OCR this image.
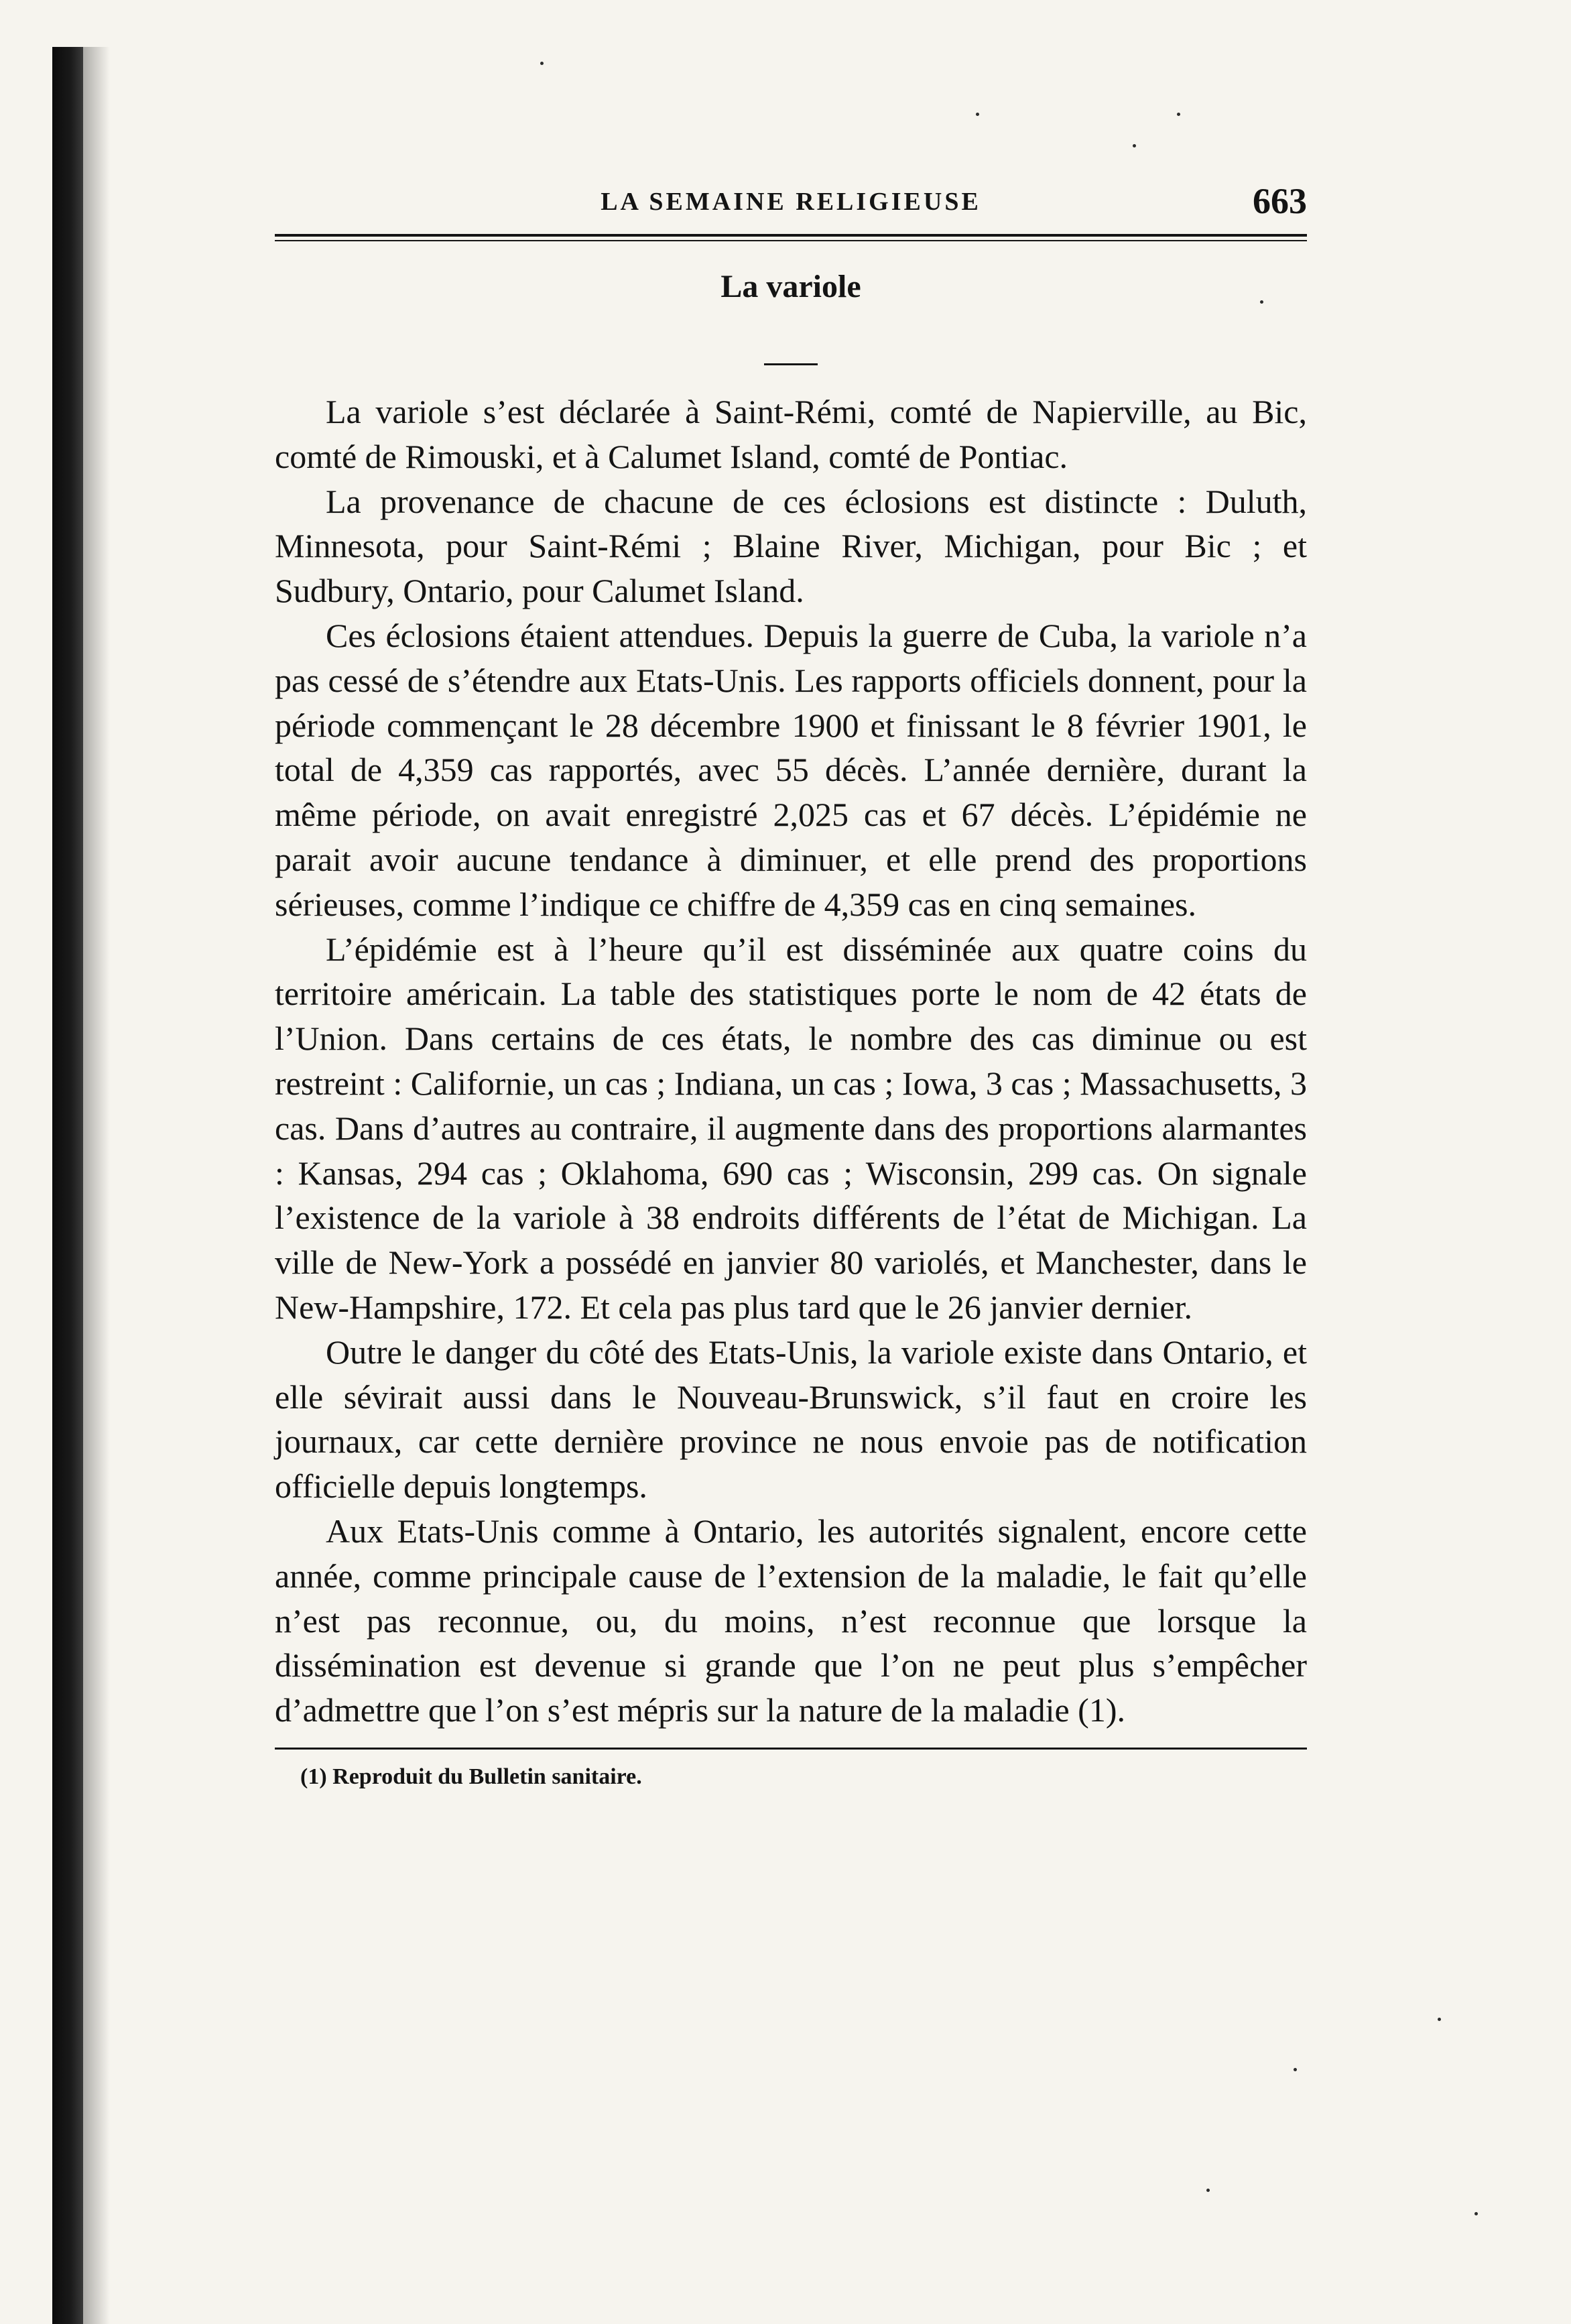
LA SEMAINE RELIGIEUSE	663
La variole

La variole s’est déclarée à Saint-Rémi, comté de Napierville, au Bic, comté de Rimouski, et à Calumet Island, comté de Pontiac.

La provenance de chacune de ces éclosions est distincte : Duluth, Minnesota, pour Saint-Rémi ; Blaine River, Michigan, pour Bic ; et Sudbury, Ontario, pour Calumet Island.

Ces éclosions étaient attendues. Depuis la guerre de Cuba, la variole n’a pas cessé de s’étendre aux Etats-Unis. Les rapports officiels donnent, pour la période commençant le 28 décembre 1900 et finissant le 8 février 1901, le total de 4,359 cas rapportés, avec 55 décès. L’année dernière, durant la même période, on avait enregistré 2,025 cas et 67 décès. L’épidémie ne parait avoir aucune tendance à diminuer, et elle prend des proportions sérieuses, comme l’indique ce chiffre de 4,359 cas en cinq semaines.

L’épidémie est à l’heure qu’il est disséminée aux quatre coins du territoire américain. La table des statistiques porte le nom de 42 états de l’Union. Dans certains de ces états, le nombre des cas diminue ou est restreint : Californie, un cas ; Indiana, un cas ; Iowa, 3 cas ; Massachusetts, 3 cas. Dans d’autres au contraire, il augmente dans des proportions alarmantes : Kansas, 294 cas ; Oklahoma, 690 cas ; Wisconsin, 299 cas. On signale l’existence de la variole à 38 endroits différents de l’état de Michigan. La ville de New-York a possédé en janvier 80 variolés, et Manchester, dans le New-Hampshire, 172. Et cela pas plus tard que le 26 janvier dernier.

Outre le danger du côté des Etats-Unis, la variole existe dans Ontario, et elle sévirait aussi dans le Nouveau-Brunswick, s’il faut en croire les journaux, car cette dernière province ne nous envoie pas de notification officielle depuis longtemps.

Aux Etats-Unis comme à Ontario, les autorités signalent, encore cette année, comme principale cause de l’extension de la maladie, le fait qu’elle n’est pas reconnue, ou, du moins, n’est reconnue que lorsque la dissémination est devenue si grande que l’on ne peut plus s’empêcher d’admettre que l’on s’est mépris sur la nature de la maladie (1).

(1) Reproduit du Bulletin sanitaire.
